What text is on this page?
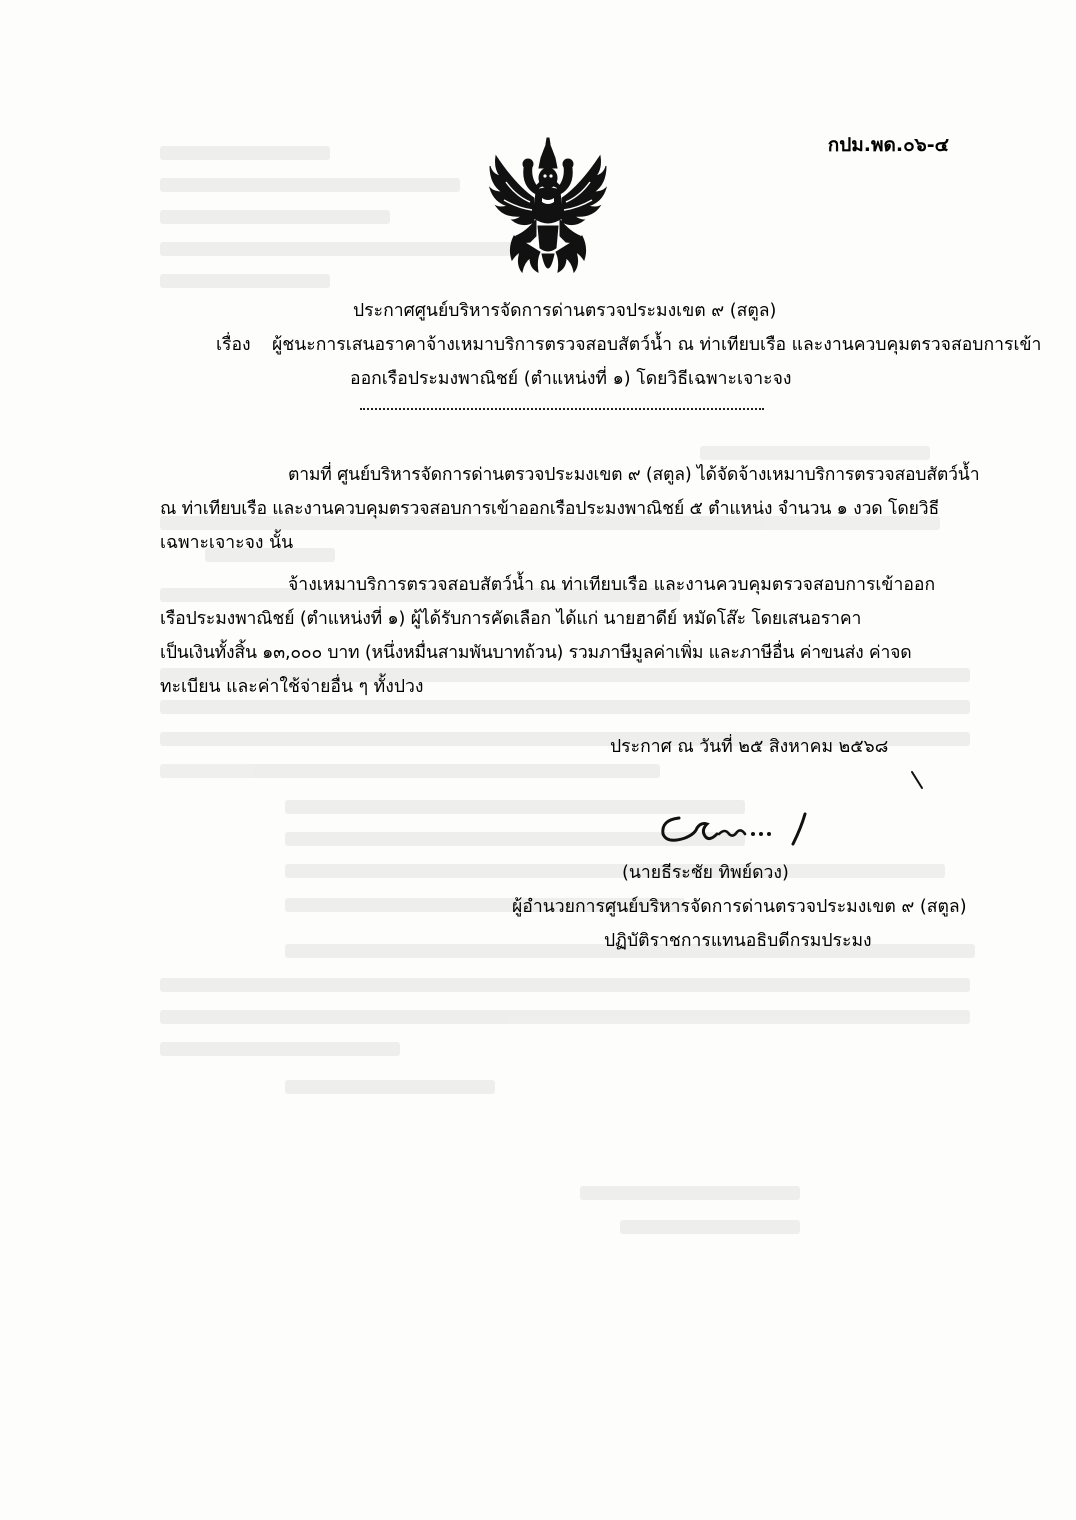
กปม.พด.๐๖-๔
ประกาศศูนย์บริหารจัดการด่านตรวจประมงเขต ๙ (สตูล)
เรื่อง ผู้ชนะการเสนอราคาจ้างเหมาบริการตรวจสอบสัตว์น้ำ ณ ท่าเทียบเรือ และงานควบคุมตรวจสอบการเข้า
ออกเรือประมงพาณิชย์ (ตำแหน่งที่ ๑) โดยวิธีเฉพาะเจาะจง
ตามที่ ศูนย์บริหารจัดการด่านตรวจประมงเขต ๙ (สตูล) ได้จัดจ้างเหมาบริการตรวจสอบสัตว์น้ำ
ณ ท่าเทียบเรือ และงานควบคุมตรวจสอบการเข้าออกเรือประมงพาณิชย์ ๕ ตำแหน่ง จำนวน ๑ งวด โดยวิธี
เฉพาะเจาะจง นั้น
จ้างเหมาบริการตรวจสอบสัตว์น้ำ ณ ท่าเทียบเรือ และงานควบคุมตรวจสอบการเข้าออก
เรือประมงพาณิชย์ (ตำแหน่งที่ ๑) ผู้ได้รับการคัดเลือก ได้แก่ นายฮาดีย์ หมัดโส๊ะ โดยเสนอราคา
เป็นเงินทั้งสิ้น ๑๓,๐๐๐ บาท (หนึ่งหมื่นสามพันบาทถ้วน) รวมภาษีมูลค่าเพิ่ม และภาษีอื่น ค่าขนส่ง ค่าจด
ทะเบียน และค่าใช้จ่ายอื่น ๆ ทั้งปวง
ประกาศ ณ วันที่ ๒๕ สิงหาคม ๒๕๖๘
(นายธีระชัย ทิพย์ดวง)
ผู้อำนวยการศูนย์บริหารจัดการด่านตรวจประมงเขต ๙ (สตูล)
ปฏิบัติราชการแทนอธิบดีกรมประมง
